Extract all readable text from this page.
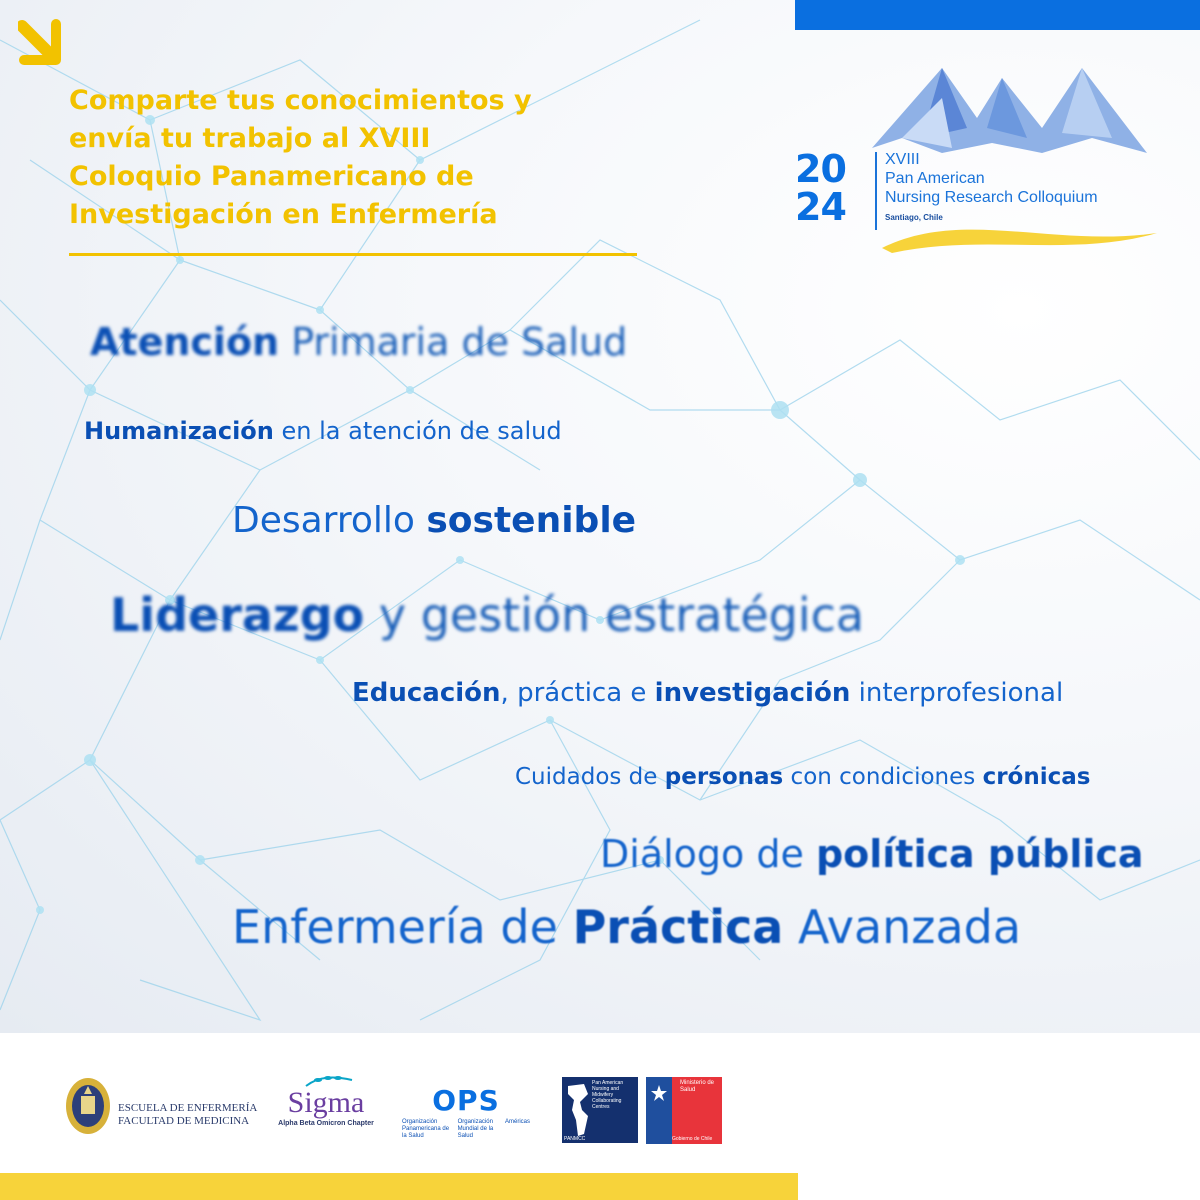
Comparte tus conocimientos y
envía tu trabajo al XVIII
Coloquio Panamericano de
Investigación en Enfermería
20
24
XVIII
Pan American
Nursing Research Colloquium
Santiago, Chile
Atención Primaria de Salud
Humanización en la atención de salud
Desarrollo sostenible
Liderazgo y gestión estratégica
Educación, práctica e investigación interprofesional
Cuidados de personas con condiciones crónicas
Diálogo de política pública
Enfermería de Práctica Avanzada
ESCUELA DE ENFERMERÍA
FACULTAD DE MEDICINA
Sigma
Alpha Beta Omicron Chapter
OPS
Organización Panamericana de la Salud
Organización Mundial de la Salud
Américas
Pan American Nursing and Midwifery Collaborating Centres
PANMCC
Ministerio de
Salud
Gobierno de Chile
